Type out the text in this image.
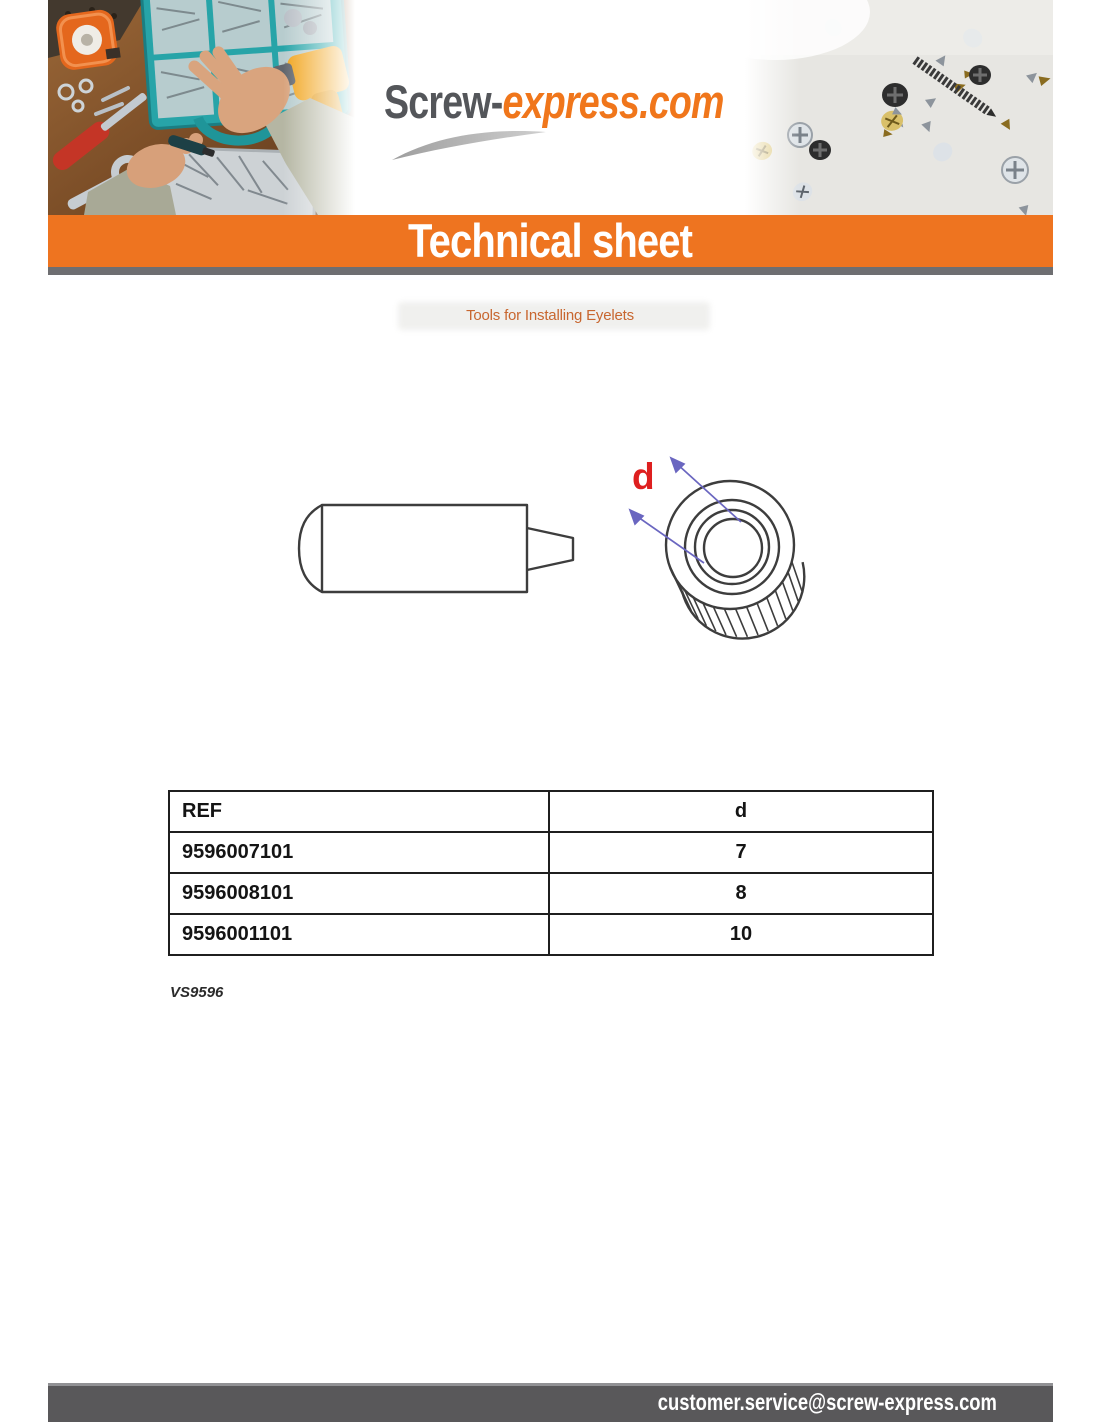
Screw-express.com
Technical sheet
Tools for Installing Eyelets
d
REF	d
9596007101	7
9596008101	8
9596001101	10
VS9596
customer.service@screw-express.com
